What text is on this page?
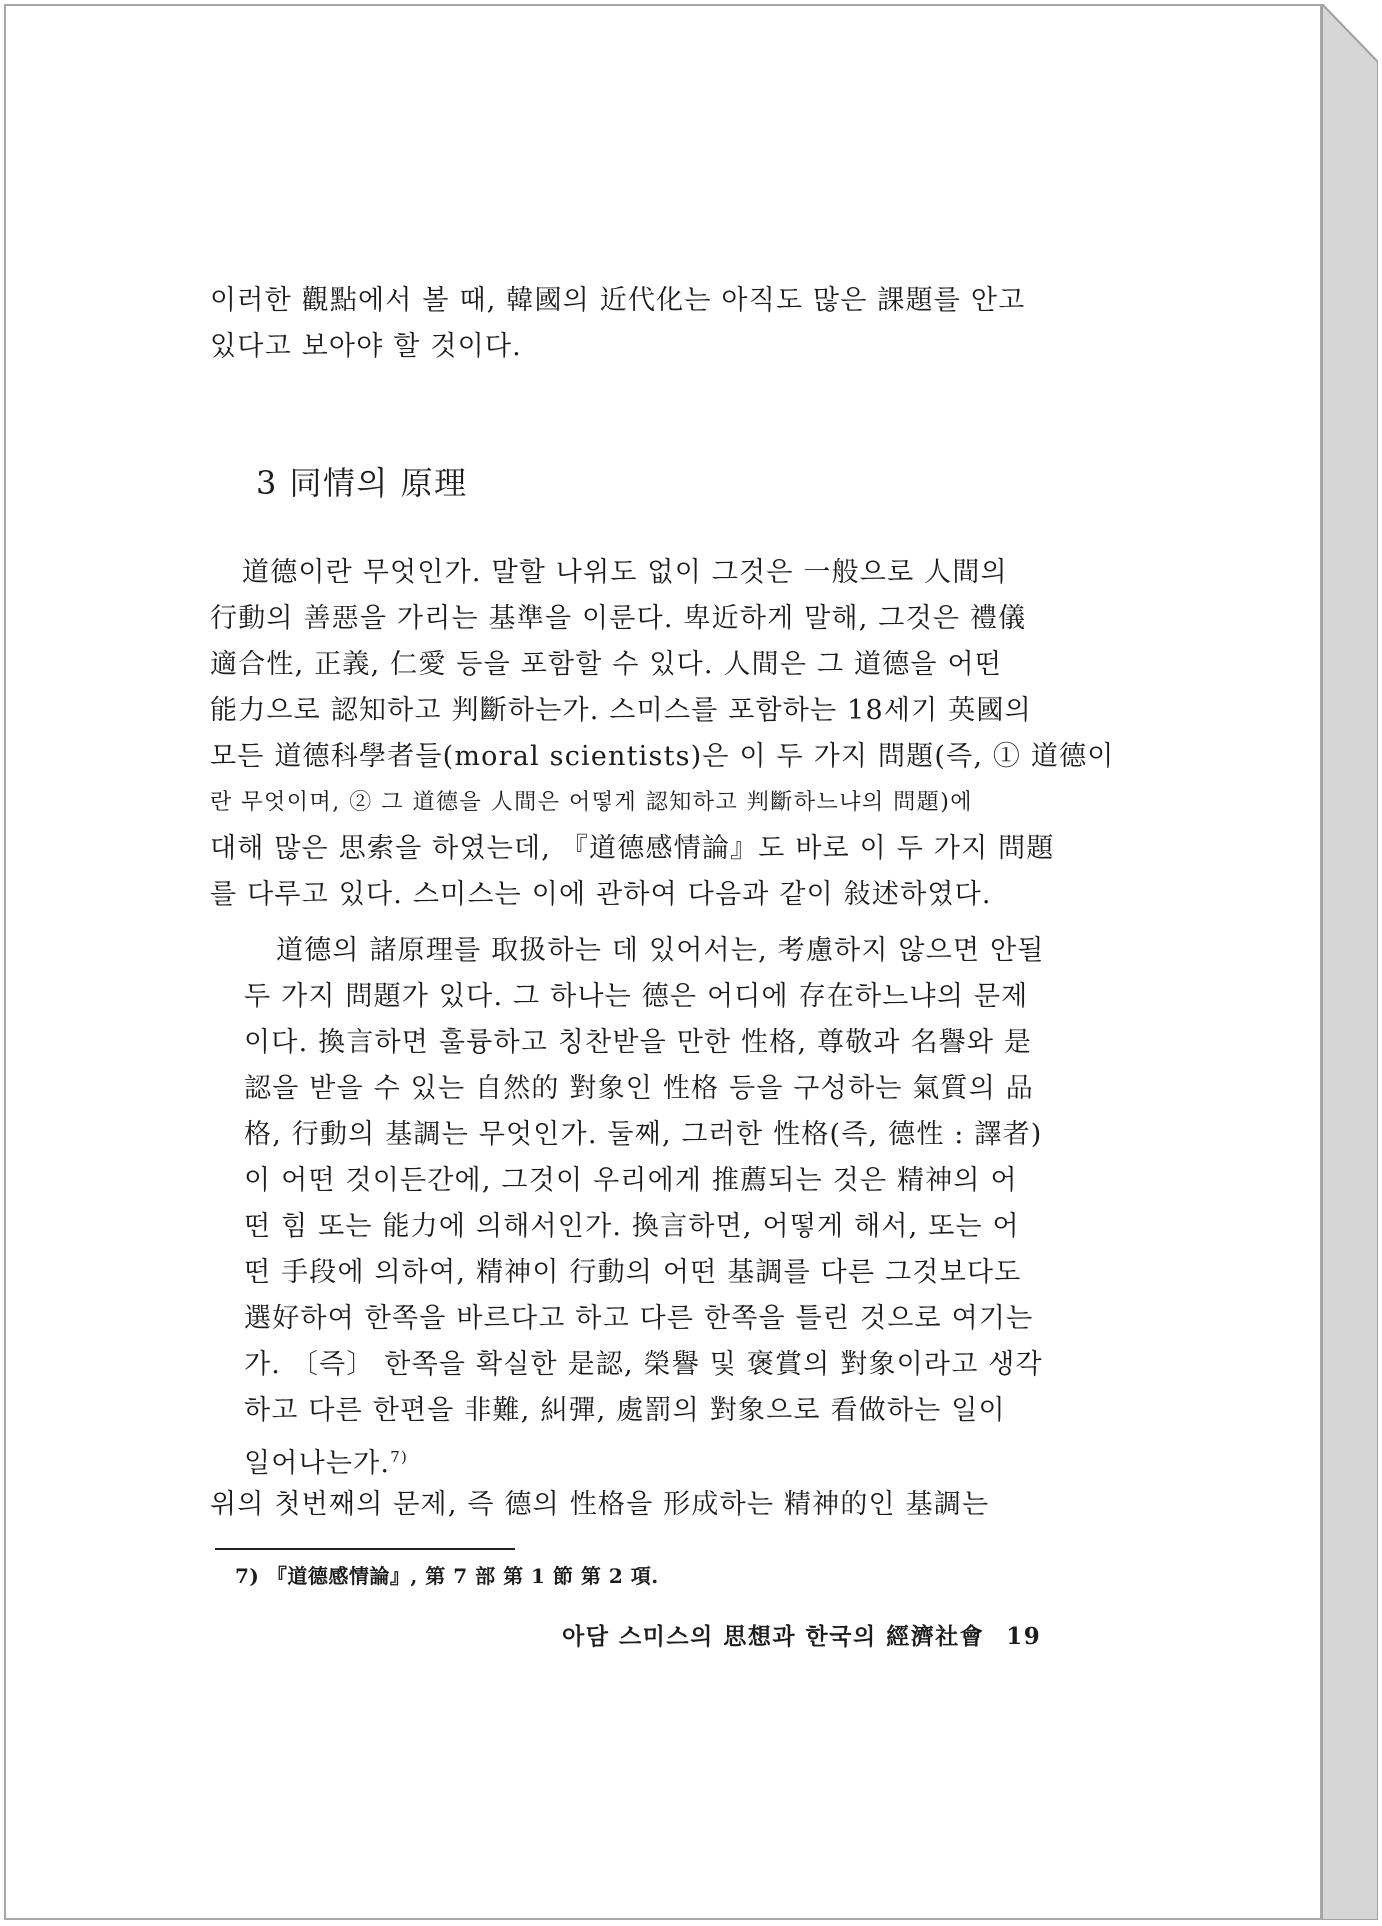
이러한 觀點에서 볼 때, 韓國의 近代化는 아직도 많은 課題를 안고
있다고 보아야 할 것이다.
3 同情의 原理
道德이란 무엇인가. 말할 나위도 없이 그것은 一般으로 人間의
行動의 善惡을 가리는 基準을 이룬다. 卑近하게 말해, 그것은 禮儀
適合性, 正義, 仁愛 등을 포함할 수 있다. 人間은 그 道德을 어떤
能力으로 認知하고 判斷하는가. 스미스를 포함하는 18세기 英國의
모든 道德科學者들(moral scientists)은 이 두 가지 問題(즉, ① 道德이
란 무엇이며, ② 그 道德을 人間은 어떻게 認知하고 判斷하느냐의 問題)에
대해 많은 思索을 하였는데, 『道德感情論』도 바로 이 두 가지 問題
를 다루고 있다. 스미스는 이에 관하여 다음과 같이 敍述하였다.
道德의 諸原理를 取扱하는 데 있어서는, 考慮하지 않으면 안될
두 가지 問題가 있다. 그 하나는 德은 어디에 存在하느냐의 문제
이다. 換言하면 훌륭하고 칭찬받을 만한 性格, 尊敬과 名譽와 是
認을 받을 수 있는 自然的 對象인 性格 등을 구성하는 氣質의 品
格, 行動의 基調는 무엇인가. 둘째, 그러한 性格(즉, 德性 : 譯者)
이 어떤 것이든간에, 그것이 우리에게 推薦되는 것은 精神의 어
떤 힘 또는 能力에 의해서인가. 換言하면, 어떻게 해서, 또는 어
떤 手段에 의하여, 精神이 行動의 어떤 基調를 다른 그것보다도
選好하여 한쪽을 바르다고 하고 다른 한쪽을 틀린 것으로 여기는
가. 〔즉〕 한쪽을 확실한 是認, 榮譽 및 褒賞의 對象이라고 생각
하고 다른 한편을 非難, 糾彈, 處罰의 對象으로 看做하는 일이
일어나는가.$^{7)}$
위의 첫번째의 문제, 즉 德의 性格을 形成하는 精神的인 基調는
7) 『道德感情論』, 第 7 部 第 1 節 第 2 項.
아담 스미스의 思想과 한국의 經濟社會 19
